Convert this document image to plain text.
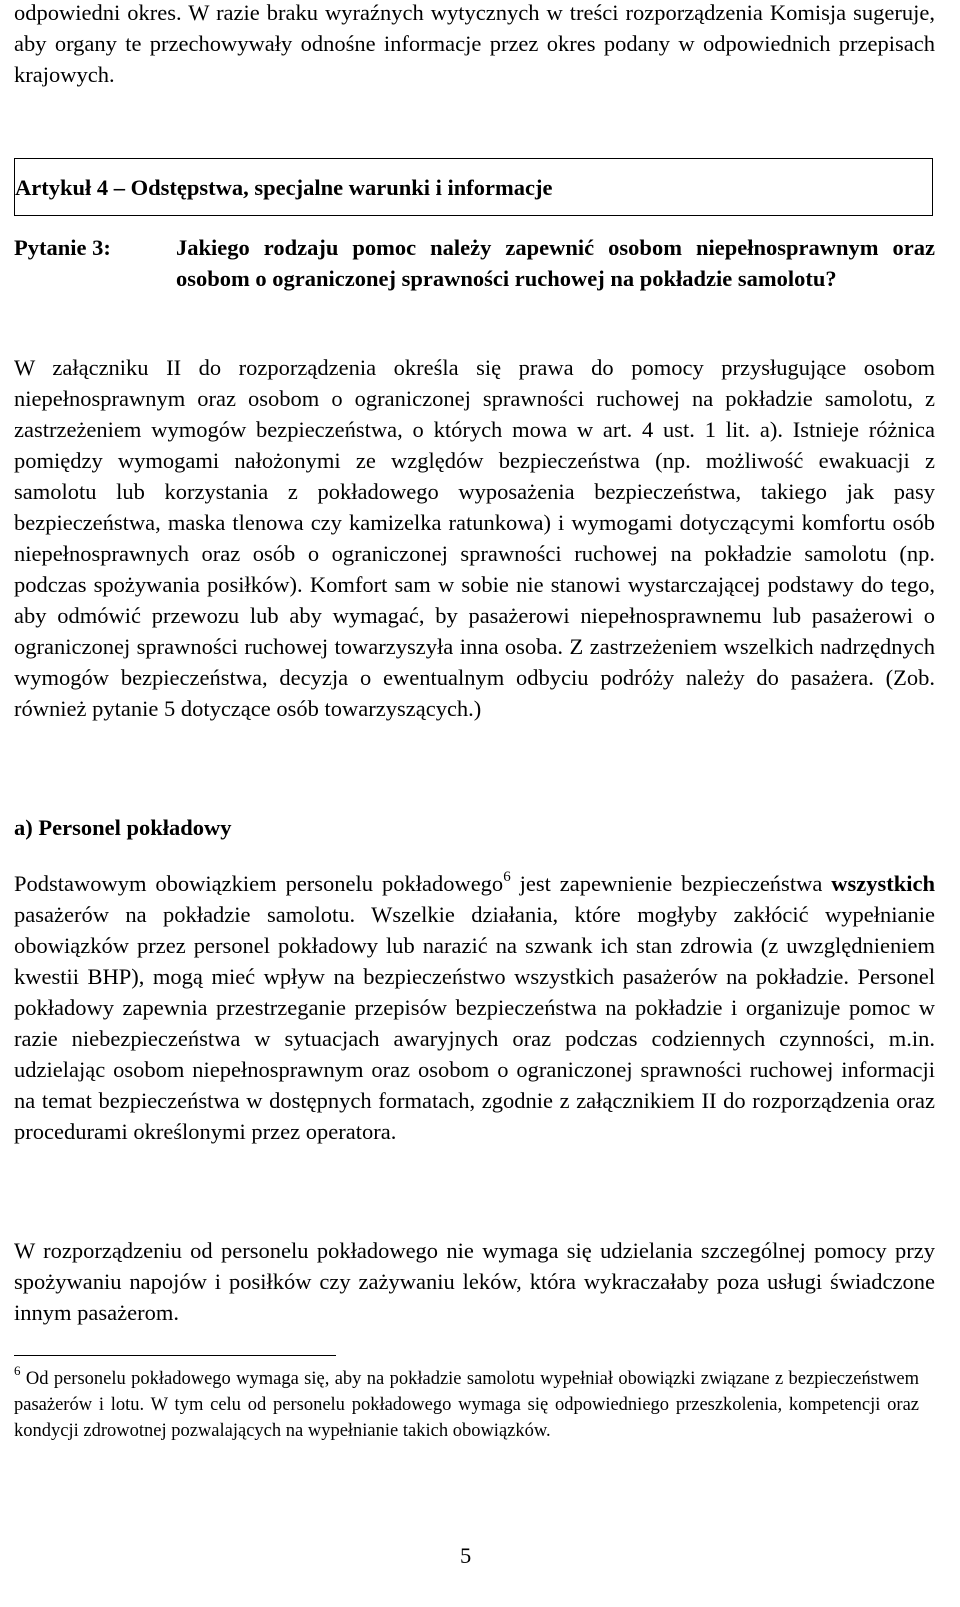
odpowiedni okres. W razie braku wyraźnych wytycznych w treści rozporządzenia Komisja sugeruje, aby organy te przechowywały odnośne informacje przez okres podany w odpowiednich przepisach krajowych.

Artykuł 4 – Odstępstwa, specjalne warunki i informacje
Pytanie 3:	Jakiego rodzaju pomoc należy zapewnić osobom niepełnosprawnym oraz osobom o ograniczonej sprawności ruchowej na pokładzie samolotu?

W załączniku II do rozporządzenia określa się prawa do pomocy przysługujące osobom niepełnosprawnym oraz osobom o ograniczonej sprawności ruchowej na pokładzie samolotu, z zastrzeżeniem wymogów bezpieczeństwa, o których mowa w art. 4 ust. 1 lit. a). Istnieje różnica pomiędzy wymogami nałożonymi ze względów bezpieczeństwa (np. możliwość ewakuacji z samolotu lub korzystania z pokładowego wyposażenia bezpieczeństwa, takiego jak pasy bezpieczeństwa, maska tlenowa czy kamizelka ratunkowa) i wymogami dotyczącymi komfortu osób niepełnosprawnych oraz osób o ograniczonej sprawności ruchowej na pokładzie samolotu (np. podczas spożywania posiłków). Komfort sam w sobie nie stanowi wystarczającej podstawy do tego, aby odmówić przewozu lub aby wymagać, by pasażerowi niepełnosprawnemu lub pasażerowi o ograniczonej sprawności ruchowej towarzyszyła inna osoba. Z zastrzeżeniem wszelkich nadrzędnych wymogów bezpieczeństwa, decyzja o ewentualnym odbyciu podróży należy do pasażera. (Zob. również pytanie 5 dotyczące osób towarzyszących.)

a) Personel pokładowy

Podstawowym obowiązkiem personelu pokładowego$^6$ jest zapewnienie bezpieczeństwa wszystkich pasażerów na pokładzie samolotu. Wszelkie działania, które mogłyby zakłócić wypełnianie obowiązków przez personel pokładowy lub narazić na szwank ich stan zdrowia (z uwzględnieniem kwestii BHP), mogą mieć wpływ na bezpieczeństwo wszystkich pasażerów na pokładzie. Personel pokładowy zapewnia przestrzeganie przepisów bezpieczeństwa na pokładzie i organizuje pomoc w razie niebezpieczeństwa w sytuacjach awaryjnych oraz podczas codziennych czynności, m.in. udzielając osobom niepełnosprawnym oraz osobom o ograniczonej sprawności ruchowej informacji na temat bezpieczeństwa w dostępnych formatach, zgodnie z załącznikiem II do rozporządzenia oraz procedurami określonymi przez operatora.

W rozporządzeniu od personelu pokładowego nie wymaga się udzielania szczególnej pomocy przy spożywaniu napojów i posiłków czy zażywaniu leków, która wykraczałaby poza usługi świadczone innym pasażerom.

$^6$ Od personelu pokładowego wymaga się, aby na pokładzie samolotu wypełniał obowiązki związane z bezpieczeństwem pasażerów i lotu. W tym celu od personelu pokładowego wymaga się odpowiedniego przeszkolenia, kompetencji oraz kondycji zdrowotnej pozwalających na wypełnianie takich obowiązków.

5
